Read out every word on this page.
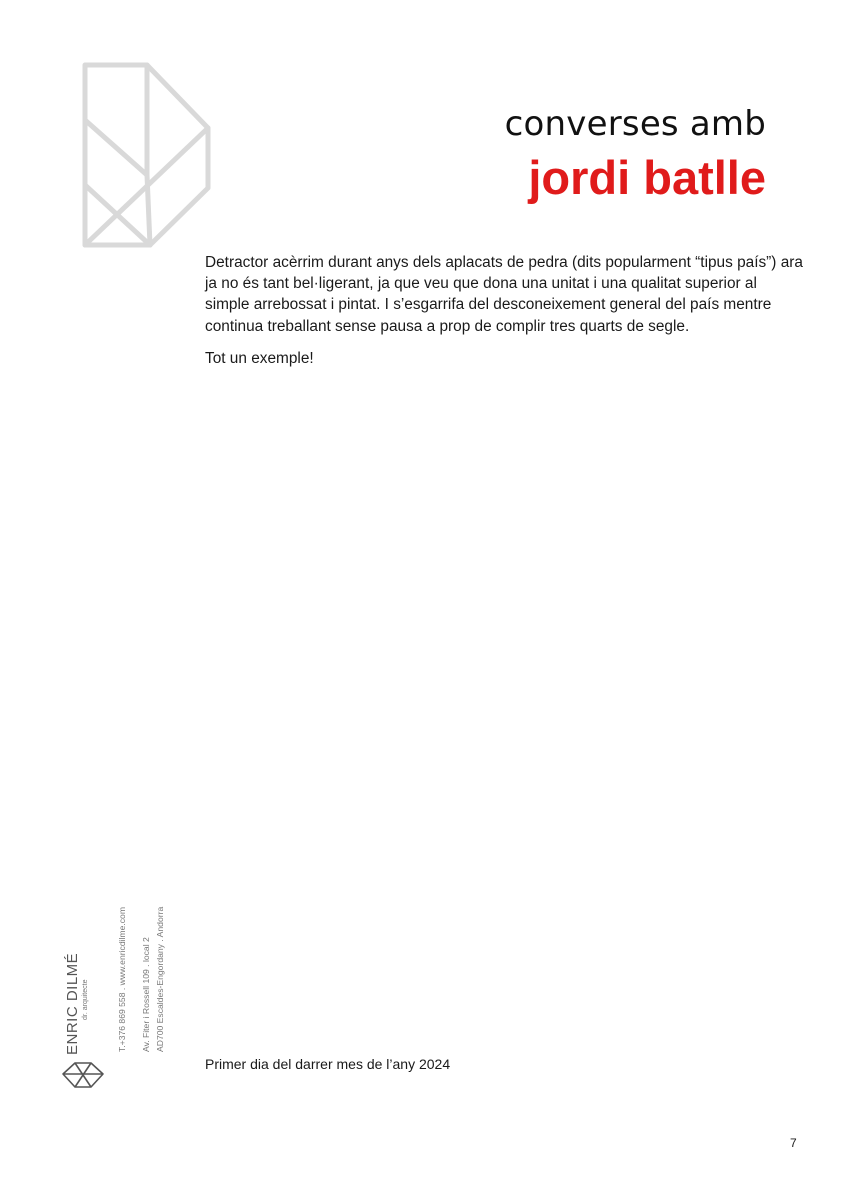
converses amb
jordi batlle

Detractor acèrrim durant anys dels aplacats de pedra (dits popularment “tipus país”) ara ja no és tant bel·ligerant, ja que veu que dona una unitat i una qualitat superior al simple arrebossat i pintat. I s’esgarrifa del desconeixement general del país mentre continua treballant sense pausa a prop de complir tres quarts de segle.

Tot un exemple!

ENRIC DILMÉ dr. arquitecte	T.+376 869 558 . www.enricdilme.com Av. Fiter i Rossell 109 . local 2 AD700 Escaldes-Engordany . Andorra
Primer dia del darrer mes de l’any 2024
7
